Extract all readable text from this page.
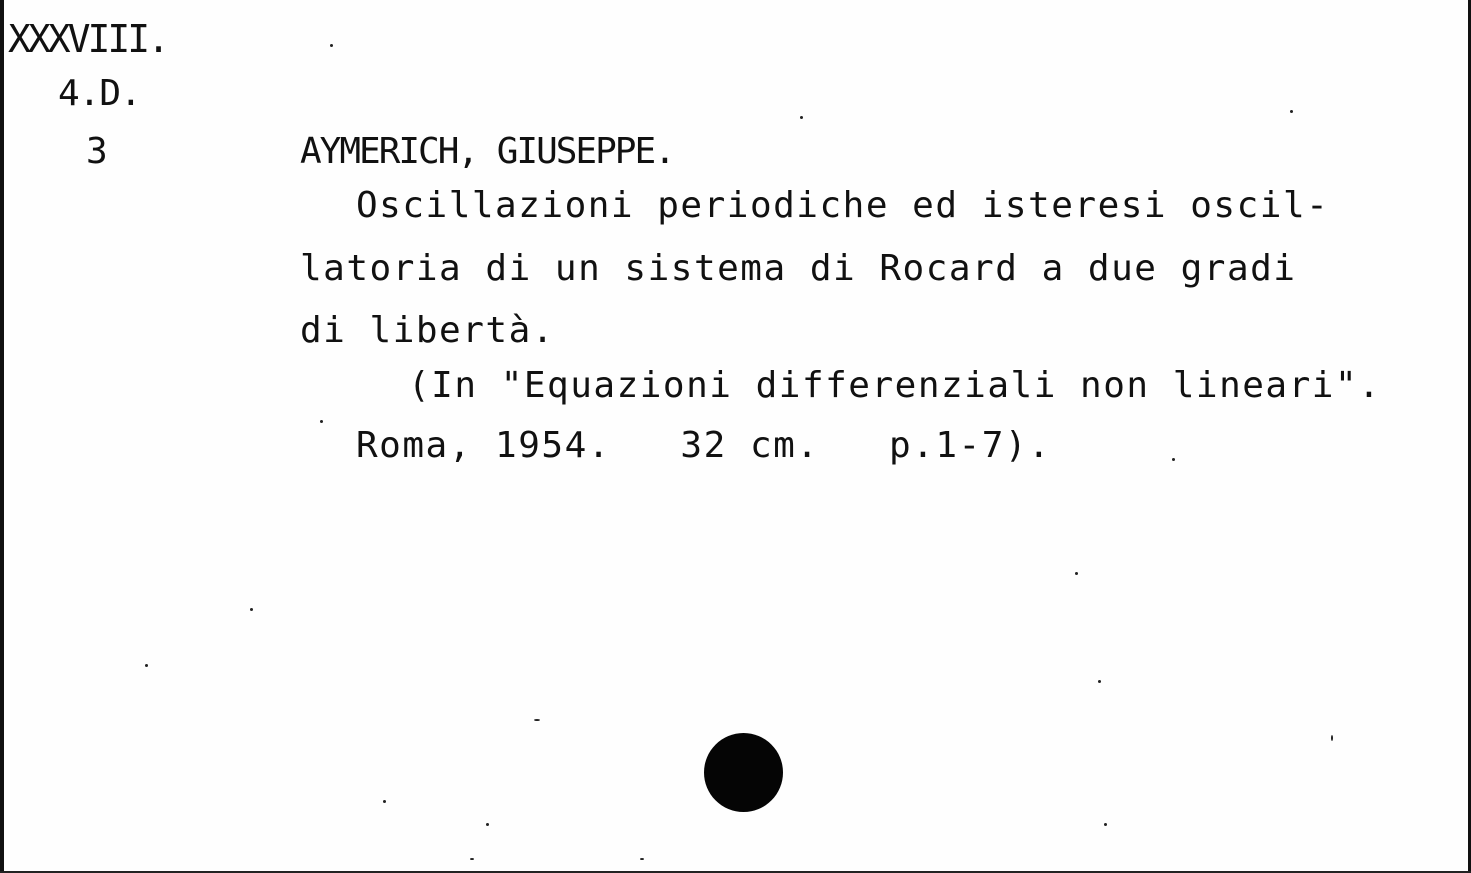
XXXVIII.

4.D.

3	AYMERICH, GIUSEPPE.

Oscillazioni periodiche ed isteresi oscil-

latoria di un sistema di Rocard a due gradi

di libertà.

(In "Equazioni differenziali non lineari".

Roma, 1954.   32 cm.   p.1-7).
